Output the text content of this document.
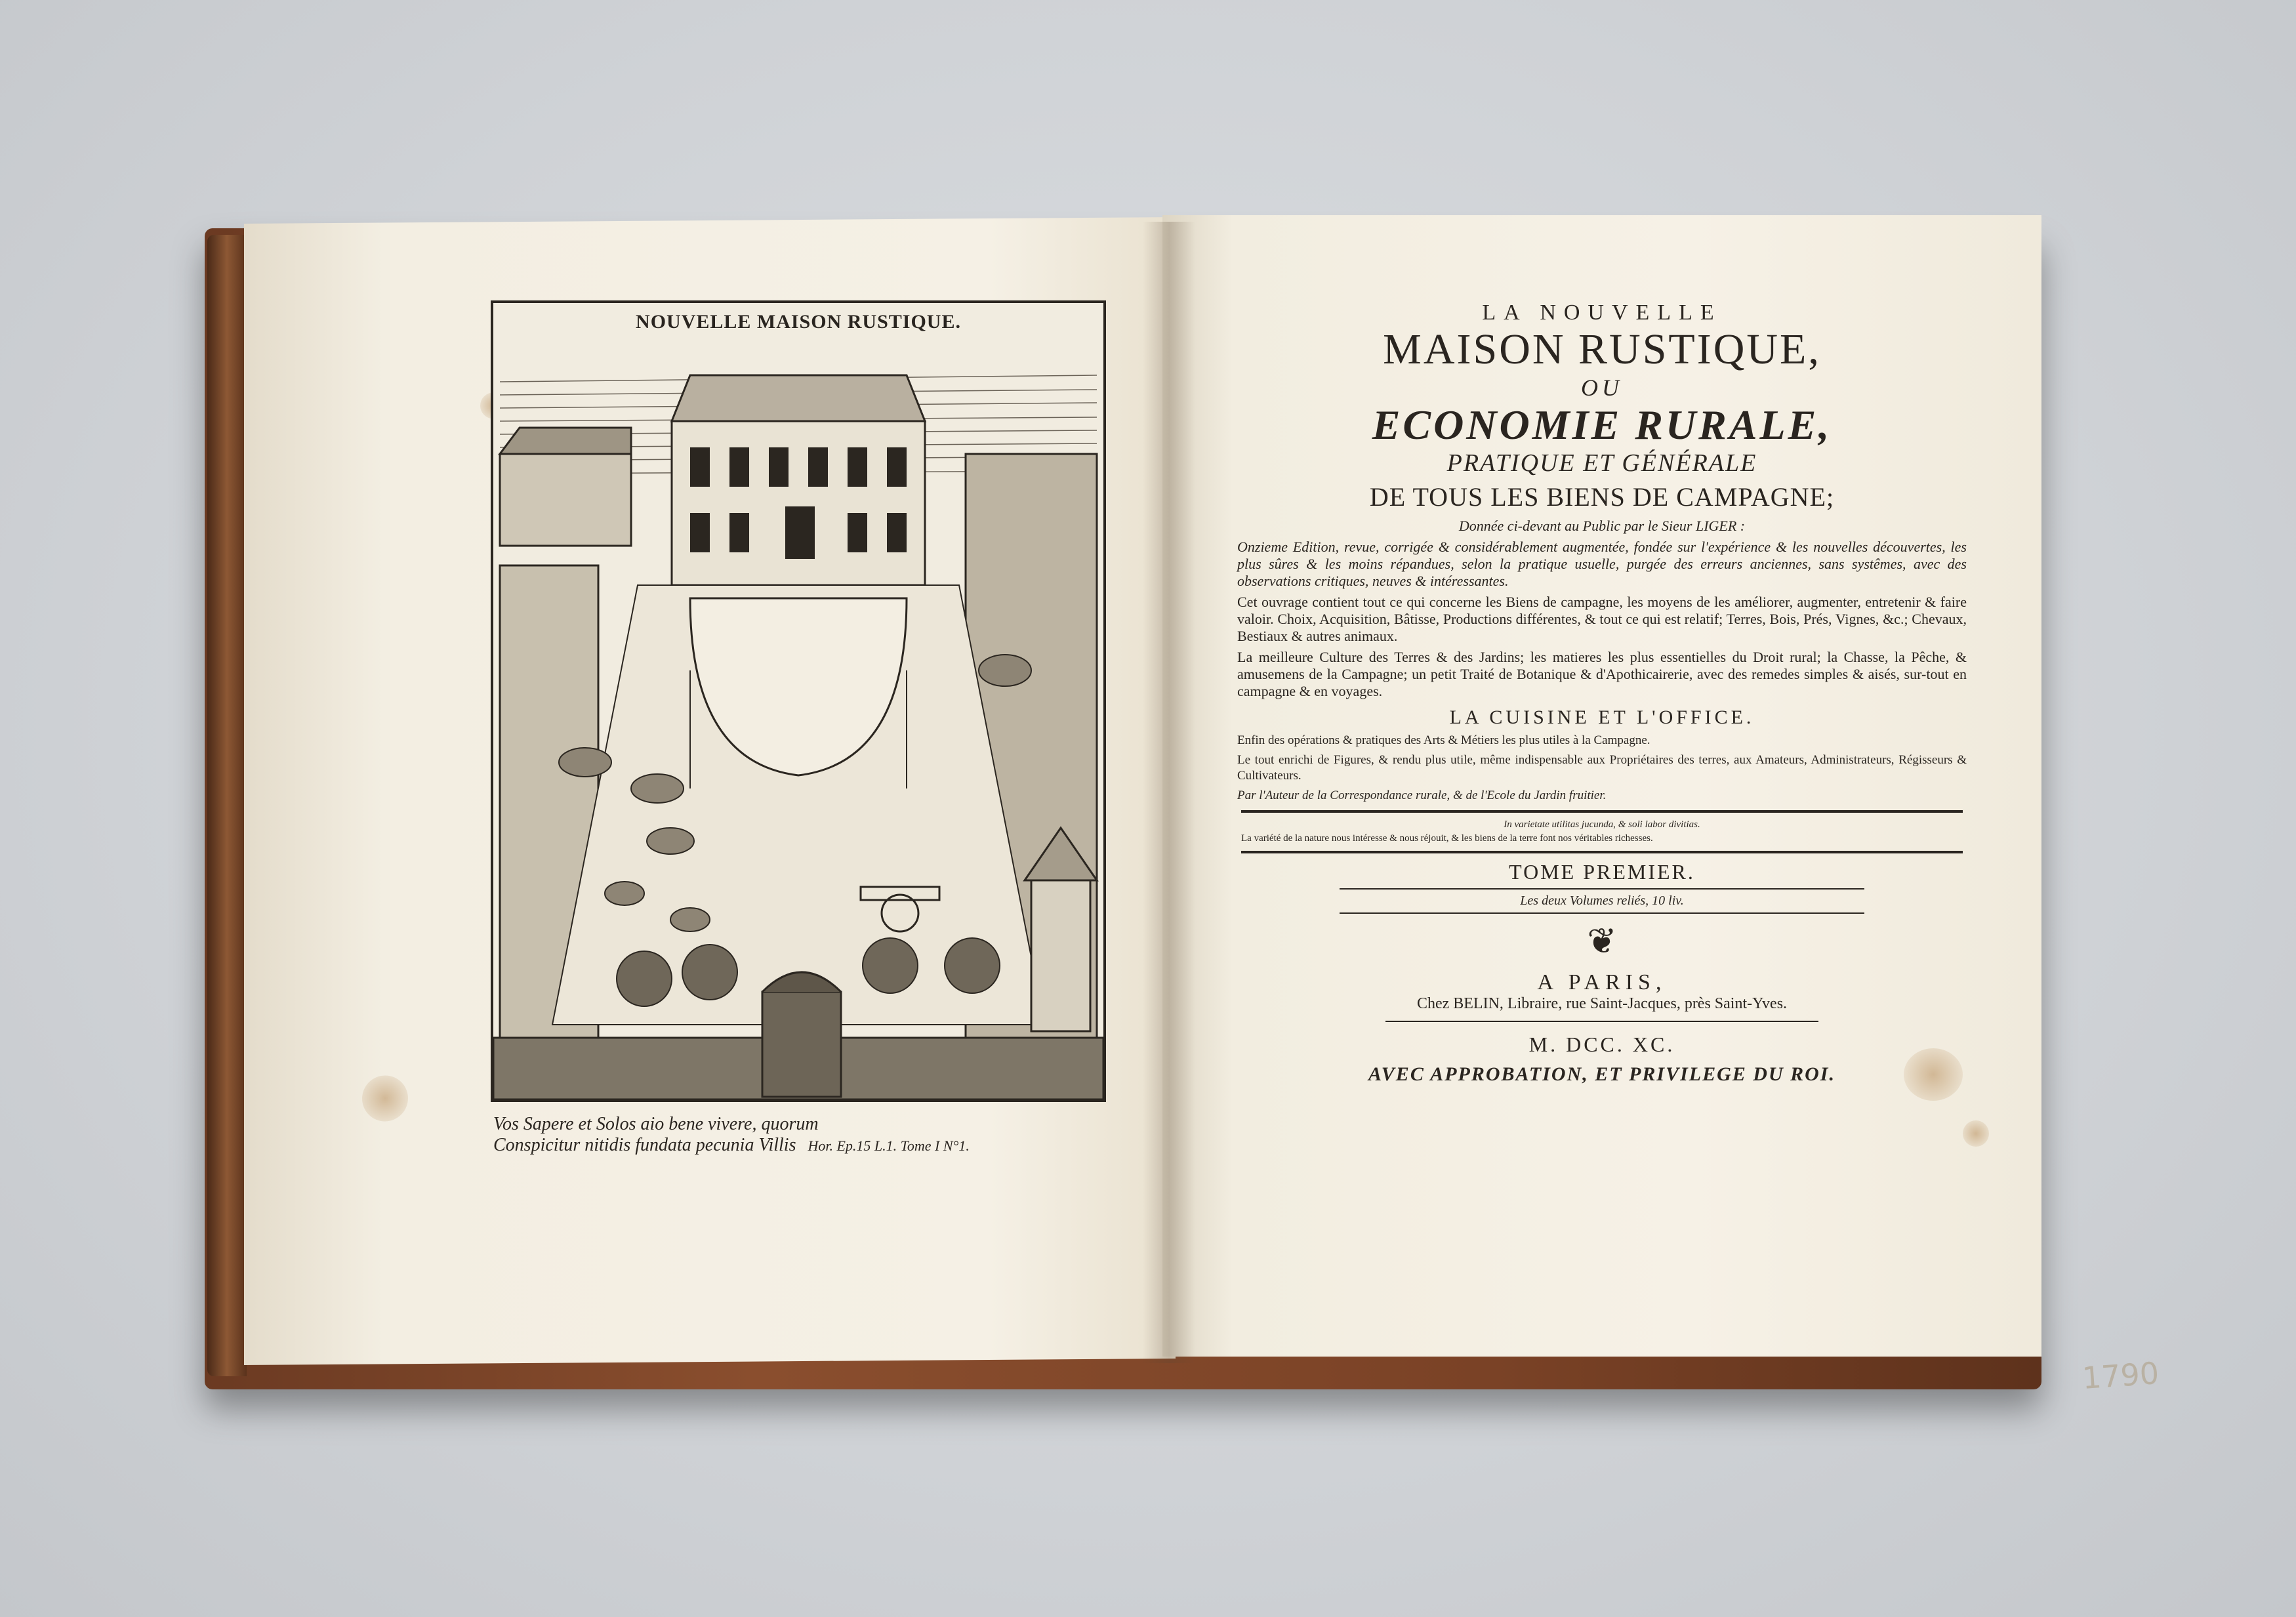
NOUVELLE MAISON RUSTIQUE.
Vos Sapere et Solos aio bene vivere, quorum
Conspicitur nitidis fundata pecunia Villis Hor. Ep.15 L.1. Tome I N°1.
LA NOUVELLE
MAISON RUSTIQUE,
OU
ECONOMIE RURALE,
PRATIQUE ET GÉNÉRALE
DE TOUS LES BIENS DE CAMPAGNE;
Donnée ci-devant au Public par le Sieur LIGER :
Onzieme Edition, revue, corrigée & considérablement augmentée, fondée sur l'expérience & les nouvelles découvertes, les plus sûres & les moins répandues, selon la pratique usuelle, purgée des erreurs anciennes, sans systêmes, avec des observations critiques, neuves & intéressantes.
Cet ouvrage contient tout ce qui concerne les Biens de campagne, les moyens de les améliorer, augmenter, entretenir & faire valoir. Choix, Acquisition, Bâtisse, Productions différentes, & tout ce qui est relatif; Terres, Bois, Prés, Vignes, &c.; Chevaux, Bestiaux & autres animaux.
La meilleure Culture des Terres & des Jardins; les matieres les plus essentielles du Droit rural; la Chasse, la Pêche, & amusemens de la Campagne; un petit Traité de Botanique & d'Apothicairerie, avec des remedes simples & aisés, sur-tout en campagne & en voyages.
LA CUISINE ET L'OFFICE.
Enfin des opérations & pratiques des Arts & Métiers les plus utiles à la Campagne.
Le tout enrichi de Figures, & rendu plus utile, même indispensable aux Propriétaires des terres, aux Amateurs, Administrateurs, Régisseurs & Cultivateurs.
Par l'Auteur de la Correspondance rurale, & de l'Ecole du Jardin fruitier.
In varietate utilitas jucunda, & soli labor divitias.
La variété de la nature nous intéresse & nous réjouit, & les biens de la terre font nos véritables richesses.
TOME PREMIER.
Les deux Volumes reliés, 10 liv.
❦
A PARIS,
Chez BELIN, Libraire, rue Saint-Jacques, près Saint-Yves.
M. DCC. XC.
AVEC APPROBATION, ET PRIVILEGE DU ROI.
1790
